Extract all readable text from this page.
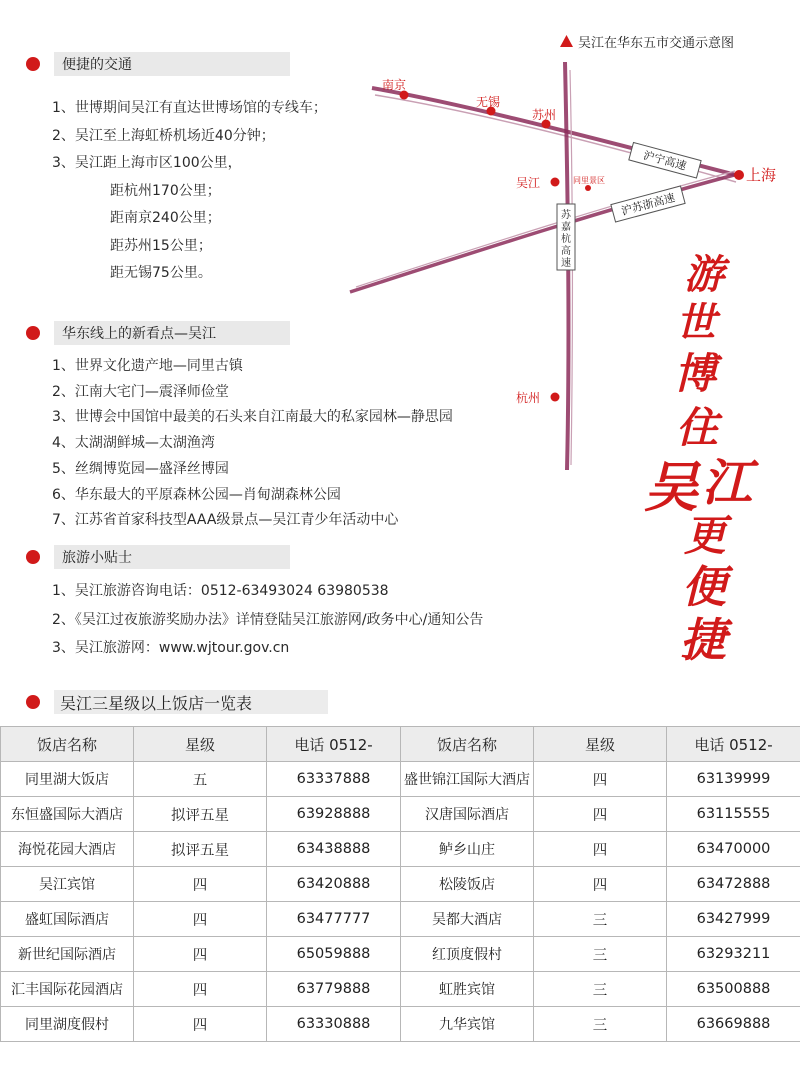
便捷的交通
1、世博期间吴江有直达世博场馆的专线车；
2、吴江至上海虹桥机场近40分钟；
3、吴江距上海市区100公里，
距杭州170公里；
距南京240公里；
距苏州15公里；
距无锡75公里。
华东线上的新看点—吴江
1、世界文化遗产地—同里古镇
2、江南大宅门—震泽师俭堂
3、世博会中国馆中最美的石头来自江南最大的私家园林—静思园
4、太湖湖鲜城—太湖渔湾
5、丝绸博览园—盛泽丝博园
6、华东最大的平原森林公园—肖甸湖森林公园
7、江苏省首家科技型AAA级景点—吴江青少年活动中心
旅游小贴士
1、吴江旅游咨询电话：0512-63493024 63980538
2、《吴江过夜旅游奖励办法》详情登陆吴江旅游网/政务中心/通知公告
3、吴江旅游网：www.wjtour.gov.cn
吴江在华东五市交通示意图
沪宁高速
沪苏浙高速
苏
嘉
杭
高
速
南京
无锡
苏州
吴江	同里景区	上海
杭州
游
世
博
住
吴 江
更
便
捷
吴江三星级以上饭店一览表
饭店名称	星级	电话 0512-	饭店名称	星级	电话 0512-
同里湖大饭店	五	63337888	盛世锦江国际大酒店	四	63139999
东恒盛国际大酒店	拟评五星	63928888	汉唐国际酒店	四	63115555
海悦花园大酒店	拟评五星	63438888	鲈乡山庄	四	63470000
吴江宾馆	四	63420888	松陵饭店	四	63472888
盛虹国际酒店	四	63477777	吴都大酒店	三	63427999
新世纪国际酒店	四	65059888	红顶度假村	三	63293211
汇丰国际花园酒店	四	63779888	虹胜宾馆	三	63500888
同里湖度假村	四	63330888	九华宾馆	三	63669888
